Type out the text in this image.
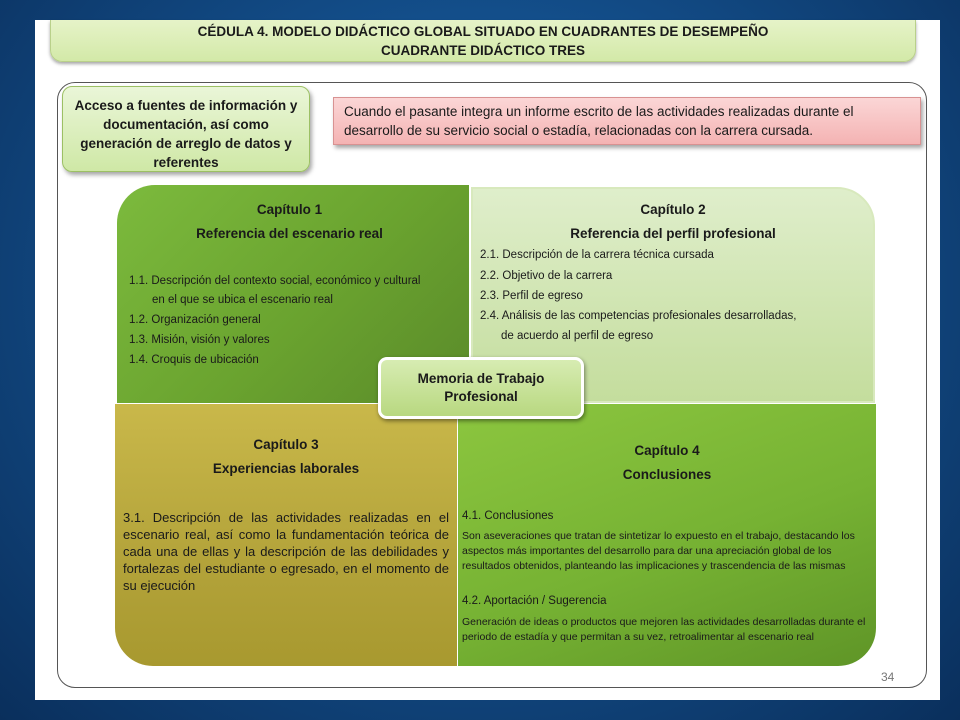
CÉDULA 4. MODELO DIDÁCTICO GLOBAL SITUADO EN CUADRANTES DE DESEMPEÑO
CUADRANTE DIDÁCTICO TRES
Acceso a fuentes de información y documentación, así como generación de arreglo de datos y referentes
Cuando el pasante integra un informe escrito de las actividades realizadas durante el desarrollo de su servicio social o estadía, relacionadas con la carrera cursada.
Capítulo 1
Referencia del escenario real
1.1. Descripción del contexto social, económico y cultural
en el que se ubica el escenario real
1.2. Organización general
1.3. Misión, visión y valores
1.4. Croquis de ubicación
Capítulo 2
Referencia del perfil profesional
2.1. Descripción de la carrera técnica cursada
2.2. Objetivo de la carrera
2.3. Perfil de egreso
2.4. Análisis de las competencias profesionales desarrolladas,
de acuerdo al perfil de egreso
Capítulo 3
Experiencias laborales
3.1. Descripción de las actividades realizadas en el escenario real, así como la fundamentación teórica de cada una de ellas y la descripción de las debilidades y fortalezas del estudiante o egresado, en el momento de su ejecución
Capítulo 4
Conclusiones
4.1. Conclusiones
Son aseveraciones que tratan de sintetizar lo expuesto en el trabajo, destacando los aspectos más importantes del desarrollo para dar una apreciación global de los resultados obtenidos, planteando las implicaciones y trascendencia de las mismas
4.2. Aportación / Sugerencia
Generación de ideas o productos que mejoren las actividades desarrolladas durante el periodo de estadía y que permitan a su vez, retroalimentar al escenario real
Memoria de Trabajo
Profesional
34
